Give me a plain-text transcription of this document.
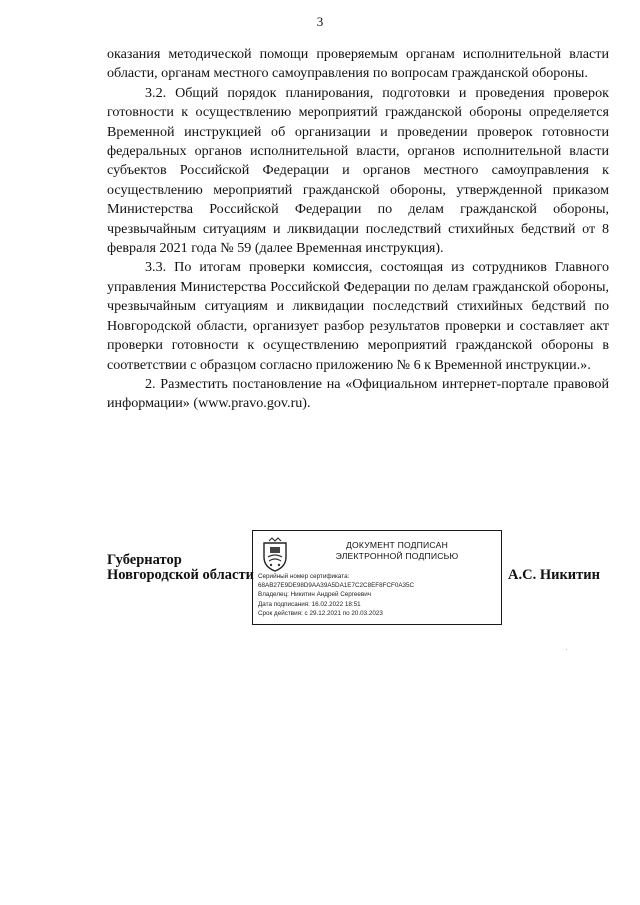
3

оказания методической помощи проверяемым органам исполнительной власти области, органам местного самоуправления по вопросам гражданской обороны.

3.2. Общий порядок планирования, подготовки и проведения проверок готовности к осуществлению мероприятий гражданской обороны определяется Временной инструкцией об организации и проведении проверок готовности федеральных органов исполнительной власти, органов исполнительной власти субъектов Российской Федерации и органов местного самоуправления к осуществлению мероприятий гражданской обороны, утвержденной приказом Министерства Российской Федерации по делам гражданской обороны, чрезвычайным ситуациям и ликвидации последствий стихийных бедствий от 8 февраля 2021 года № 59 (далее Временная инструкция).

3.3. По итогам проверки комиссия, состоящая из сотрудников Главного управления Министерства Российской Федерации по делам гражданской обороны, чрезвычайным ситуациям и ликвидации последствий стихийных бедствий по Новгородской области, организует разбор результатов проверки и составляет акт проверки готовности к осуществлению мероприятий гражданской обороны в соответствии с образцом согласно приложению № 6 к Временной инструкции.».

2. Разместить постановление на «Официальном интернет-портале правовой информации» (www.pravo.gov.ru).

Губернатор
Новгородской области
ДОКУМЕНТ ПОДПИСАН
ЭЛЕКТРОННОЙ ПОДПИСЬЮ
Серийный номер сертификата:
68AB27E9DE98D9AA39A5DA1E7C2C8EF8FCF0A35C
Владелец: Никитин Андрей Сергеевич
Дата подписания: 16.02.2022 18:51
Срок действия: с 29.12.2021 по 20.03.2023
А.С. Никитин
